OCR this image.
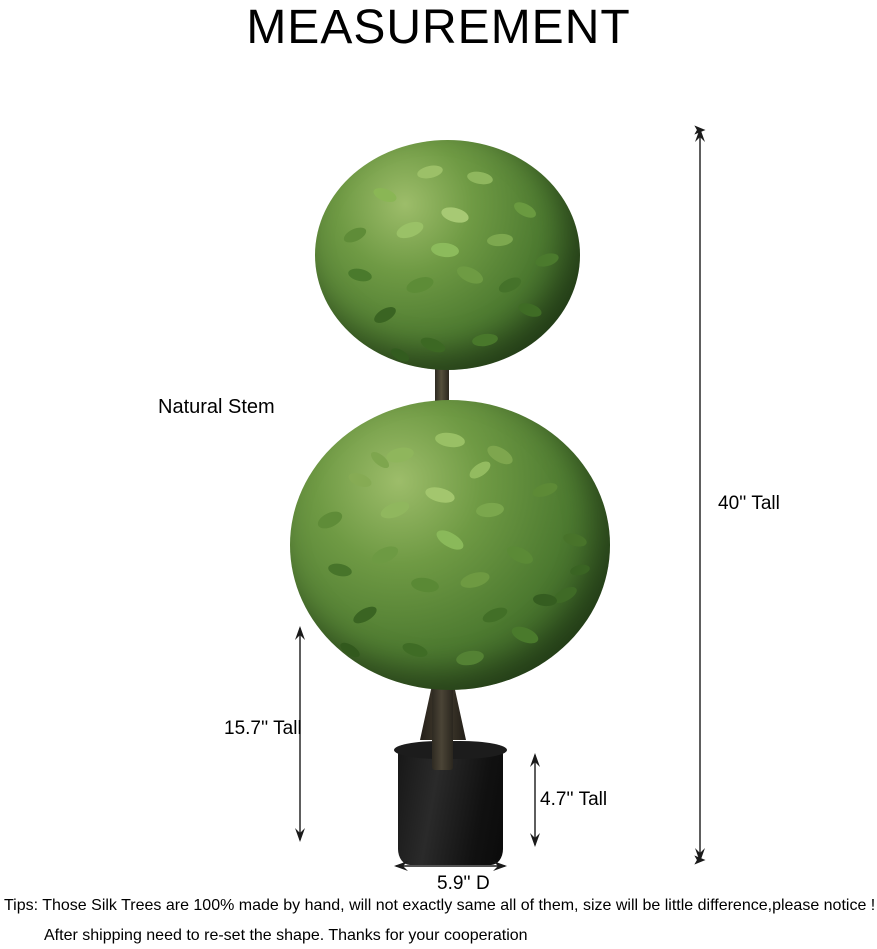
MEASUREMENT
Natural Stem
40'' Tall
15.7'' Tall
4.7'' Tall
5.9'' D
Tips: Those Silk Trees are 100% made by hand, will not exactly same all of them, size will be little difference,please notice !
After shipping need to re-set the shape. Thanks for your cooperation
